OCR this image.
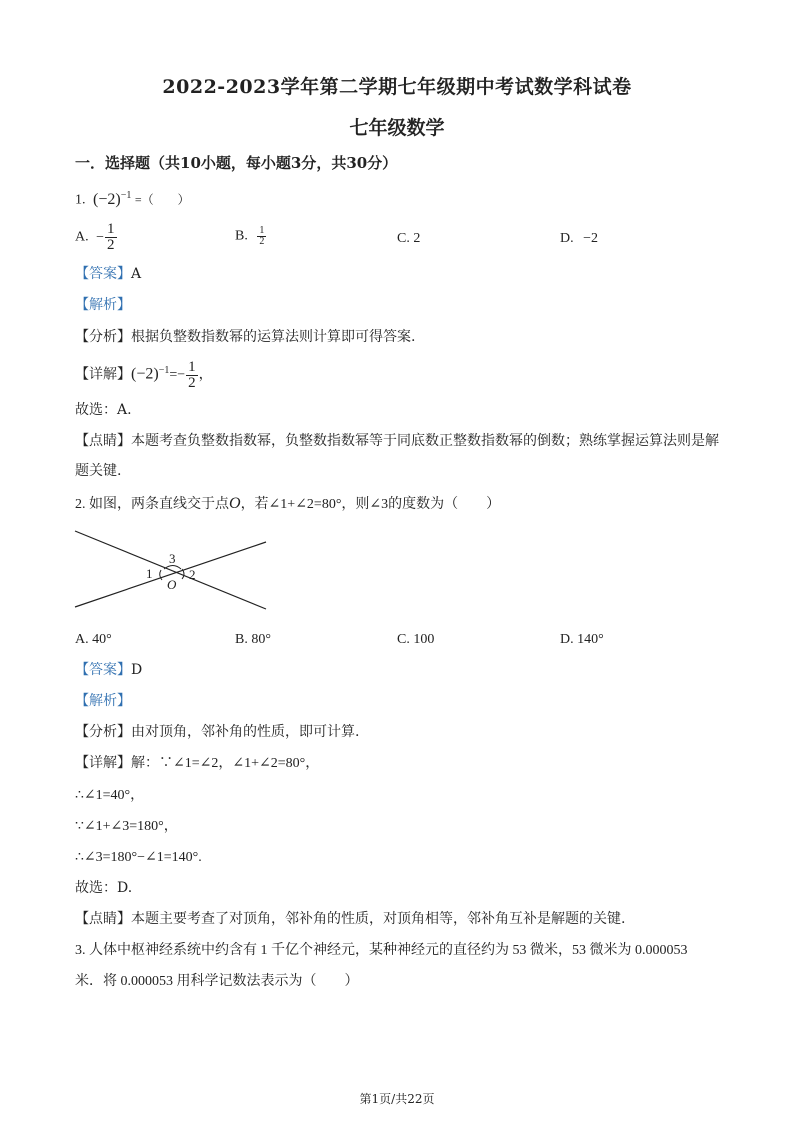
2022-2023学年第二学期七年级期中考试数学科试卷
七年级数学
一．选择题（共10小题，每小题3分，共30分）
1. $(-2)^{-1}$ =（　　）
A. − $\frac{1}{2}$	B. $\frac{1}{2}$	C. 2	D. −2
【答案】A
【解析】
【分析】根据负整数指数幂的运算法则计算即可得答案.
【详解】$(-2)^{-1}=- \frac{1}{2}$ ，
故选：A.
【点睛】本题考查负整数指数幂，负整数指数幂等于同底数正整数指数幂的倒数；熟练掌握运算法则是解
题关键.
2. 如图，两条直线交于点O，若∠1+∠2=80°，则∠3的度数为（　　）
1	2
3
O
A. 40°	B. 80°	C. 100	D. 140°
【答案】D
【解析】
【分析】由对顶角，邻补角的性质，即可计算.
【详解】解：∵∠1=∠2，∠1+∠2=80°，
∴∠1=40°，
∵∠1+∠3=180°，
∴∠3=180°−∠1=140°.
故选：D.
【点睛】本题主要考查了对顶角，邻补角的性质，对顶角相等，邻补角互补是解题的关键.
3. 人体中枢神经系统中约含有 1 千亿个神经元，某种神经元的直径约为 53 微米，53 微米为 0.000053
米．将 0.000053 用科学记数法表示为（　　）
第1页/共22页
